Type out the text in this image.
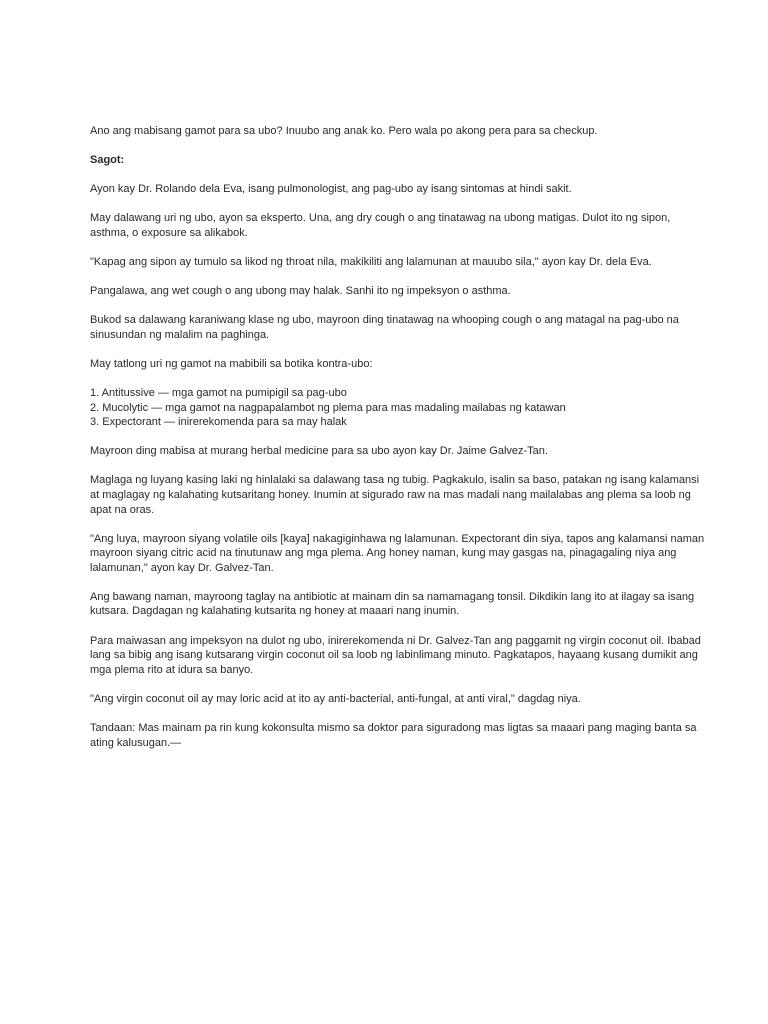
Ano ang mabisang gamot para sa ubo? Inuubo ang anak ko. Pero wala po akong pera para sa checkup.

Sagot:

Ayon kay Dr. Rolando dela Eva, isang pulmonologist, ang pag-ubo ay isang sintomas at hindi sakit.

May dalawang uri ng ubo, ayon sa eksperto. Una, ang dry cough o ang tinatawag na ubong matigas. Dulot ito ng sipon, asthma, o exposure sa alikabok.

"Kapag ang sipon ay tumulo sa likod ng throat nila, makikiliti ang lalamunan at mauubo sila," ayon kay Dr. dela Eva.

Pangalawa, ang wet cough o ang ubong may halak. Sanhi ito ng impeksyon o asthma.

Bukod sa dalawang karaniwang klase ng ubo, mayroon ding tinatawag na whooping cough o ang matagal na pag-ubo na sinusundan ng malalim na paghinga.

May tatlong uri ng gamot na mabibili sa botika kontra-ubo:

1. Antitussive — mga gamot na pumipigil sa pag-ubo
2. Mucolytic — mga gamot na nagpapalambot ng plema para mas madaling mailabas ng katawan
3. Expectorant — inirerekomenda para sa may halak

Mayroon ding mabisa at murang herbal medicine para sa ubo ayon kay Dr. Jaime Galvez-Tan.

Maglaga ng luyang kasing laki ng hinlalaki sa dalawang tasa ng tubig. Pagkakulo, isalin sa baso, patakan ng isang kalamansi at maglagay ng kalahating kutsaritang honey. Inumin at sigurado raw na mas madali nang mailalabas ang plema sa loob ng apat na oras.

"Ang luya, mayroon siyang volatile oils [kaya] nakagiginhawa ng lalamunan. Expectorant din siya, tapos ang kalamansi naman mayroon siyang citric acid na tinutunaw ang mga plema. Ang honey naman, kung may gasgas na, pinagagaling niya ang lalamunan," ayon kay Dr. Galvez-Tan.

Ang bawang naman, mayroong taglay na antibiotic at mainam din sa namamagang tonsil. Dikdikin lang ito at ilagay sa isang kutsara. Dagdagan ng kalahating kutsarita ng honey at maaari nang inumin.

Para maiwasan ang impeksyon na dulot ng ubo, inirerekomenda ni Dr. Galvez-Tan ang paggamit ng virgin coconut oil. Ibabad lang sa bibig ang isang kutsarang virgin coconut oil sa loob ng labinlimang minuto. Pagkatapos, hayaang kusang dumikit ang mga plema rito at idura sa banyo.

"Ang virgin coconut oil ay may loric acid at ito ay anti-bacterial, anti-fungal, at anti viral," dagdag niya.

Tandaan: Mas mainam pa rin kung kokonsulta mismo sa doktor para siguradong mas ligtas sa maaari pang maging banta sa ating kalusugan.—
